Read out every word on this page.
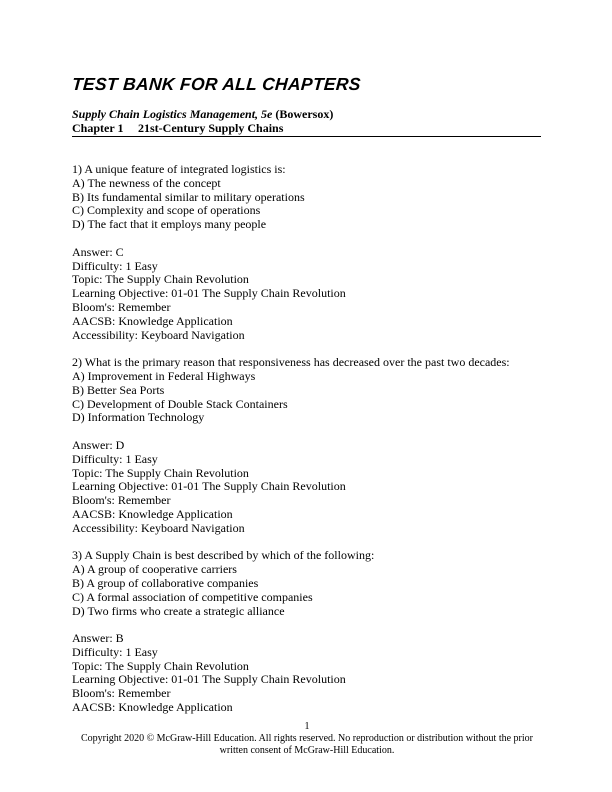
TEST BANK FOR ALL CHAPTERS
Supply Chain Logistics Management, 5e (Bowersox)
Chapter 1 21st-Century Supply Chains
1) A unique feature of integrated logistics is:
A) The newness of the concept
B) Its fundamental similar to military operations
C) Complexity and scope of operations
D) The fact that it employs many people
Answer: C
Difficulty: 1 Easy
Topic: The Supply Chain Revolution
Learning Objective: 01-01 The Supply Chain Revolution
Bloom's: Remember
AACSB: Knowledge Application
Accessibility: Keyboard Navigation
2) What is the primary reason that responsiveness has decreased over the past two decades:
A) Improvement in Federal Highways
B) Better Sea Ports
C) Development of Double Stack Containers
D) Information Technology
Answer: D
Difficulty: 1 Easy
Topic: The Supply Chain Revolution
Learning Objective: 01-01 The Supply Chain Revolution
Bloom's: Remember
AACSB: Knowledge Application
Accessibility: Keyboard Navigation
3) A Supply Chain is best described by which of the following:
A) A group of cooperative carriers
B) A group of collaborative companies
C) A formal association of competitive companies
D) Two firms who create a strategic alliance
Answer: B
Difficulty: 1 Easy
Topic: The Supply Chain Revolution
Learning Objective: 01-01 The Supply Chain Revolution
Bloom's: Remember
AACSB: Knowledge Application
1
Copyright 2020 © McGraw-Hill Education. All rights reserved. No reproduction or distribution without the prior
written consent of McGraw-Hill Education.
